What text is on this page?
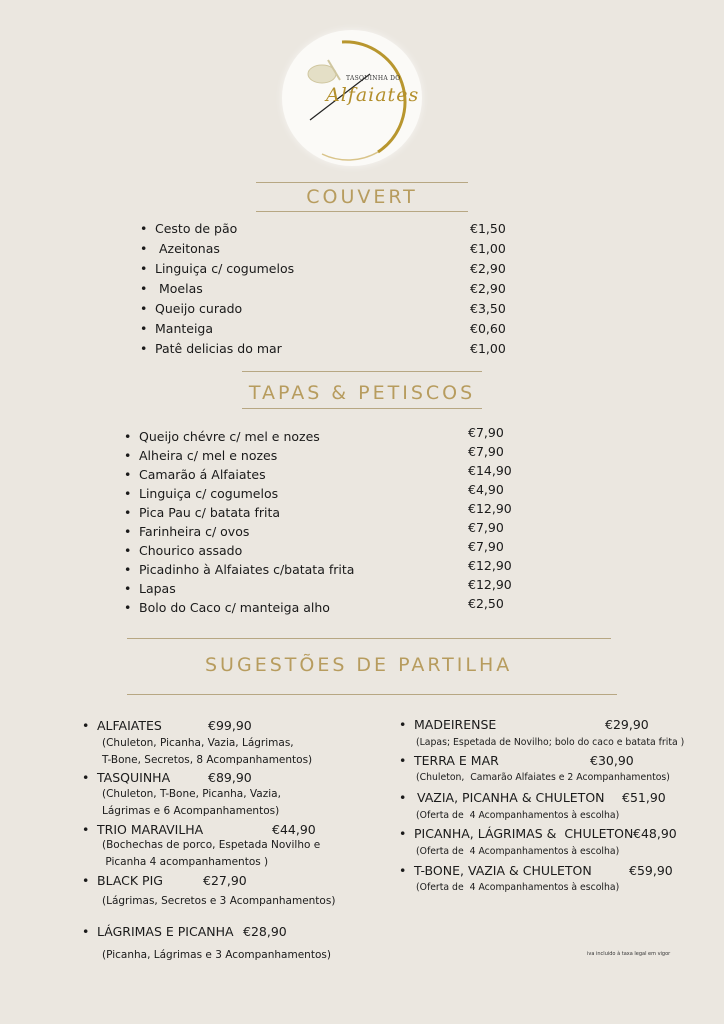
TASQUINHA DO
Alfaiates
COUVERT
• Cesto de pão	€1,50
• Azeitonas	€1,00
• Linguiça c/ cogumelos	€2,90
• Moelas	€2,90
• Queijo curado	€3,50
• Manteiga	€0,60
• Patê delicias do mar	€1,00
TAPAS & PETISCOS
• Queijo chévre c/ mel e nozes	€7,90
• Alheira c/ mel e nozes	€7,90
• Camarão á Alfaiates	€14,90
• Linguiça c/ cogumelos	€4,90
• Pica Pau c/ batata frita	€12,90
• Farinheira c/ ovos	€7,90
• Chourico assado	€7,90
• Picadinho à Alfaiates c/batata frita	€12,90
• Lapas	€12,90
• Bolo do Caco c/ manteiga alho	€2,50
SUGESTÕES DE PARTILHA
• ALFAIATES	€99,90
(Chuleton, Picanha, Vazia, Lágrimas,
T-Bone, Secretos, 8 Acompanhamentos)
• TASQUINHA	€89,90
(Chuleton, T-Bone, Picanha, Vazia,
Lágrimas e 6 Acompanhamentos)
• TRIO MARAVILHA	€44,90
(Bochechas de porco, Espetada Novilho e
Picanha 4 acompanhamentos )
• BLACK PIG	€27,90
(Lágrimas, Secretos e 3 Acompanhamentos)
• LÁGRIMAS E PICANHA €28,90
(Picanha, Lágrimas e 3 Acompanhamentos)
• MADEIRENSE	€29,90
(Lapas; Espetada de Novilho; bolo do caco e batata frita )
• TERRA E MAR	€30,90
(Chuleton,  Camarão Alfaiates e 2 Acompanhamentos)
• VAZIA, PICANHA & CHULETON €51,90
(Oferta de  4 Acompanhamentos à escolha)
• PICANHA, LÁGRIMAS &  CHULETON €48,90
(Oferta de  4 Acompanhamentos à escolha)
• T-BONE, VAZIA & CHULETON	€59,90
(Oferta de  4 Acompanhamentos à escolha)
iva incluido à taxa legal em vigor
